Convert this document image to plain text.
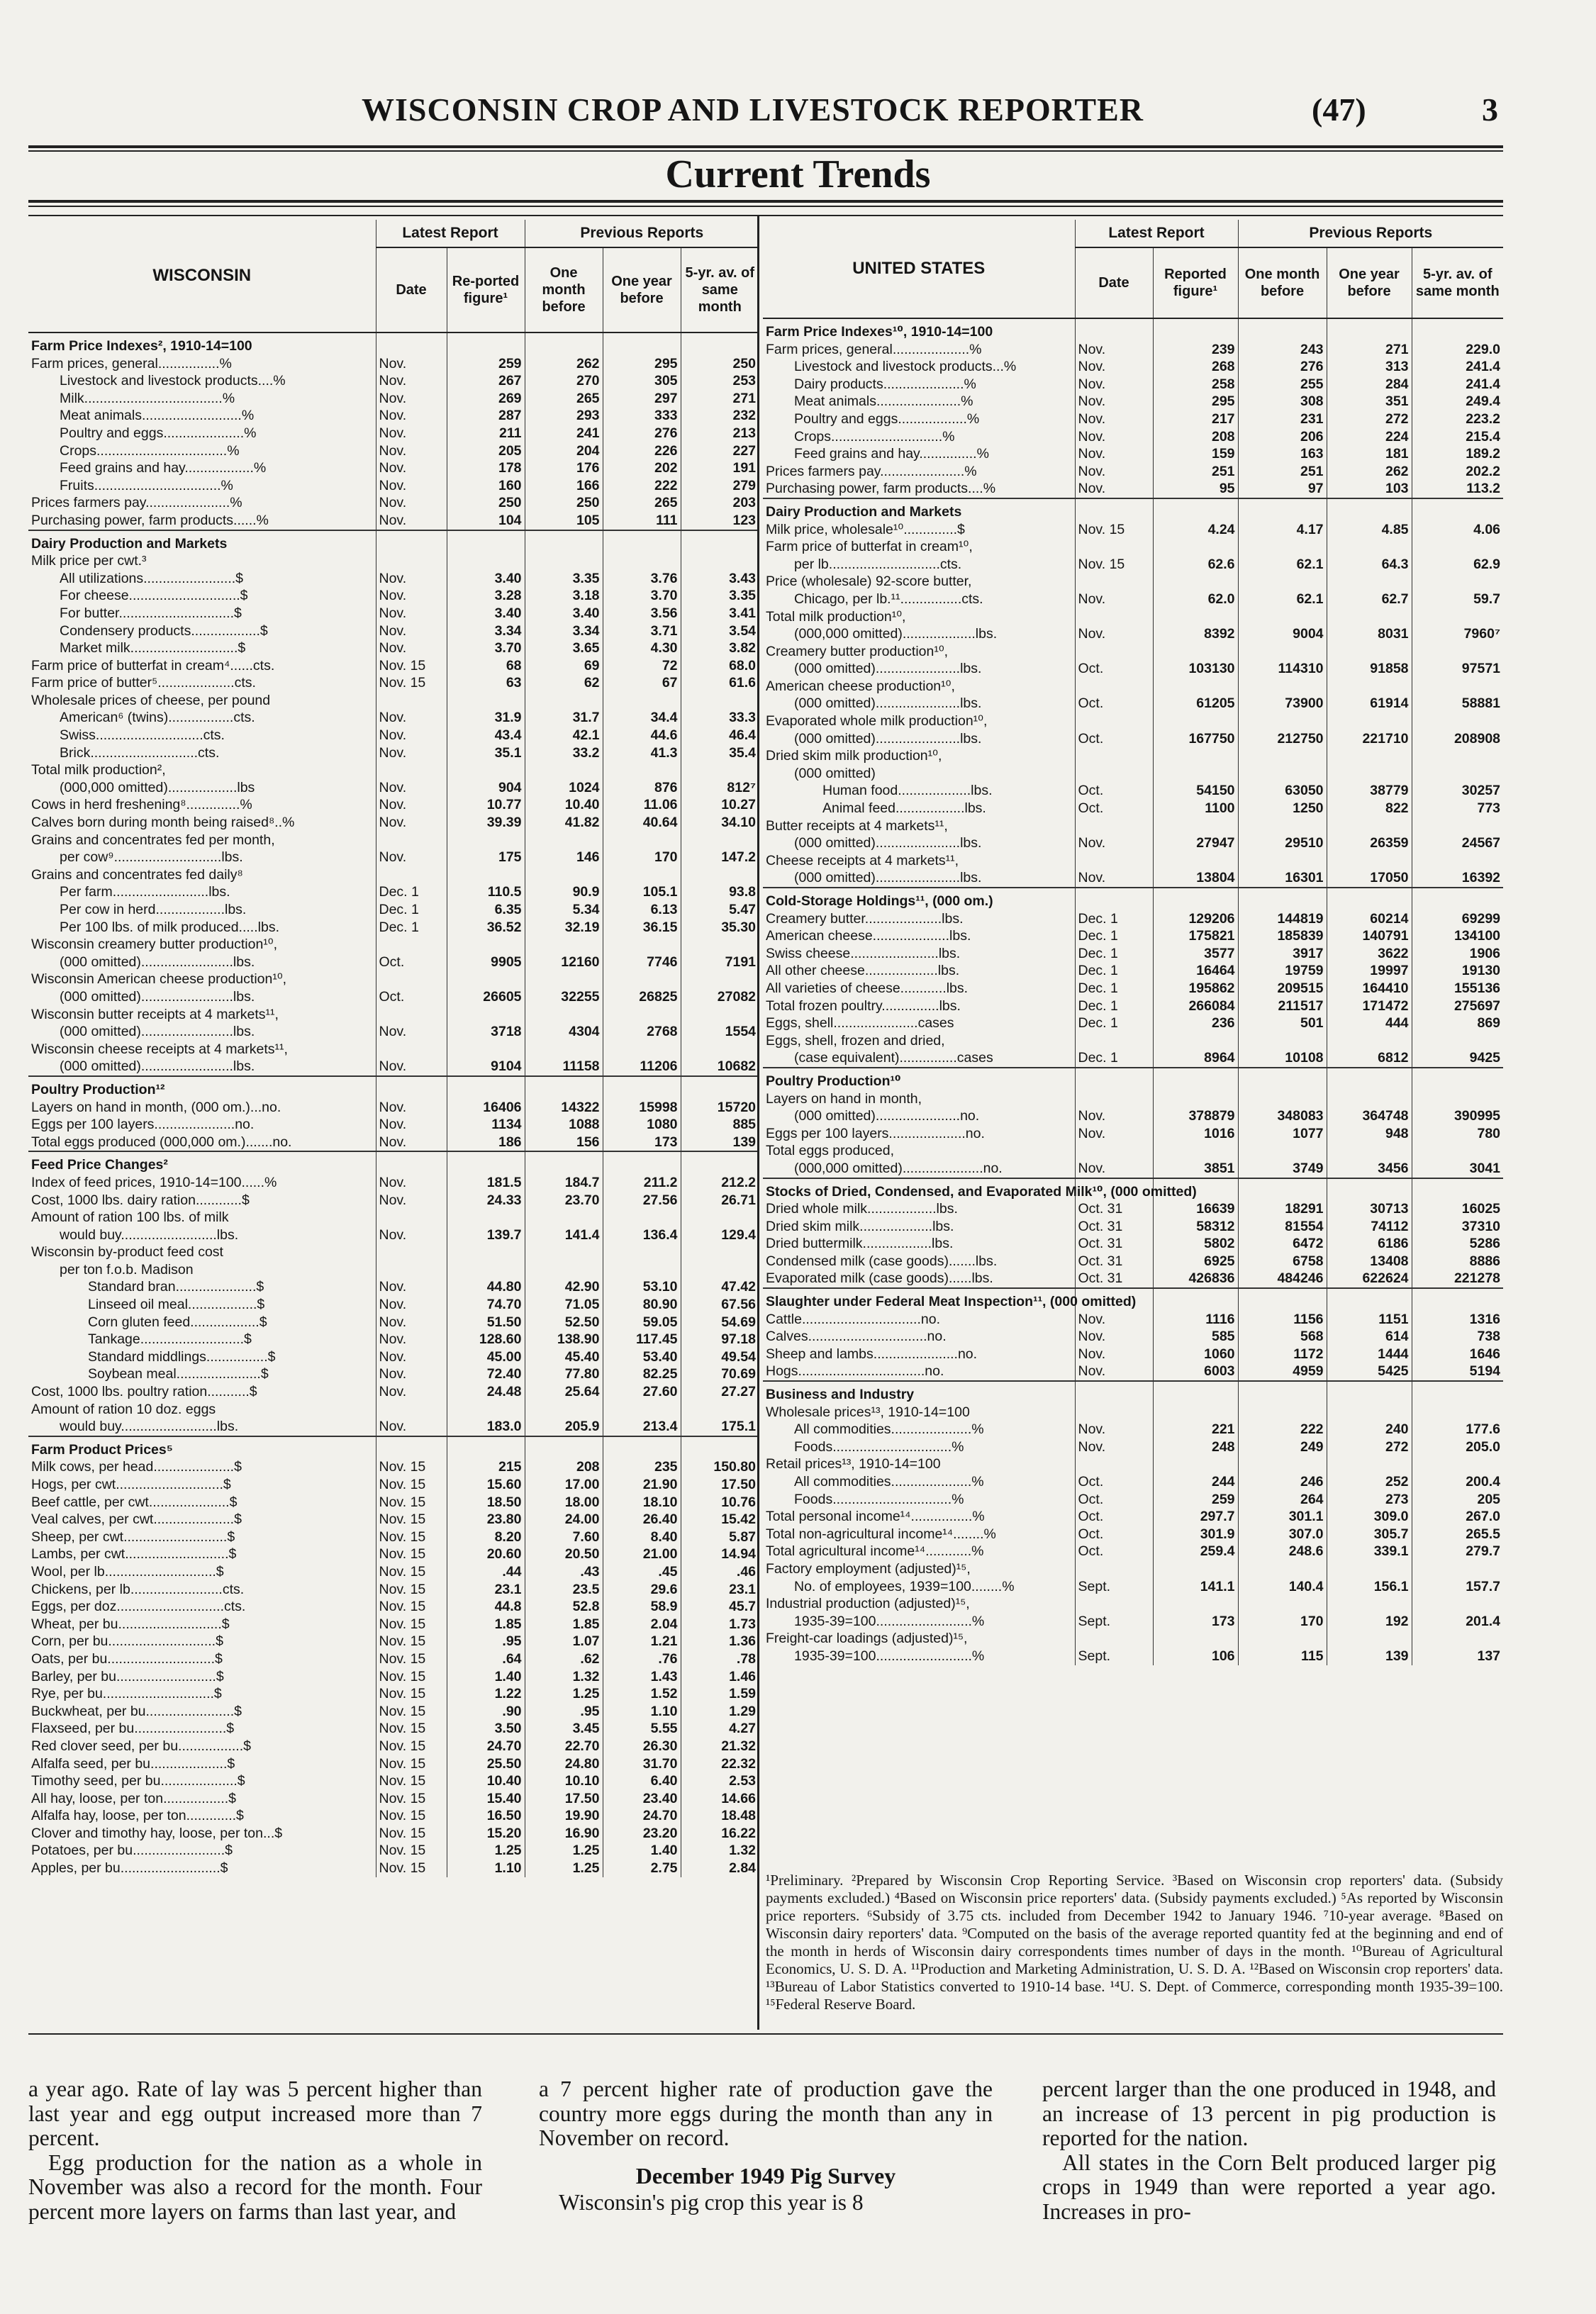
WISCONSIN CROP AND LIVESTOCK REPORTER	(47)	3
Current Trends
WISCONSIN	Latest Report		Previous Reports		
	Date	Re-ported figure¹	One month before	One year before	5-yr. av. of same month
Farm Price Indexes², 1910-14=100					
Farm prices, general................%	Nov.	259	262	295	250
Livestock and livestock products....%	Nov.	267	270	305	253
Milk....................................%	Nov.	269	265	297	271
Meat animals..........................%	Nov.	287	293	333	232
Poultry and eggs.....................%	Nov.	211	241	276	213
Crops..................................%	Nov.	205	204	226	227
Feed grains and hay..................%	Nov.	178	176	202	191
Fruits.................................%	Nov.	160	166	222	279
Prices farmers pay......................%	Nov.	250	250	265	203
Purchasing power, farm products......%	Nov.	104	105	111	123
Dairy Production and Markets					
Milk price per cwt.³					
All utilizations........................$	Nov.	3.40	3.35	3.76	3.43
For cheese.............................$	Nov.	3.28	3.18	3.70	3.35
For butter..............................$	Nov.	3.40	3.40	3.56	3.41
Condensery products..................$	Nov.	3.34	3.34	3.71	3.54
Market milk............................$	Nov.	3.70	3.65	4.30	3.82
Farm price of butterfat in cream⁴......cts.	Nov. 15	68	69	72	68.0
Farm price of butter⁵....................cts.	Nov. 15	63	62	67	61.6
Wholesale prices of cheese, per pound					
American⁶ (twins).................cts.	Nov.	31.9	31.7	34.4	33.3
Swiss............................cts.	Nov.	43.4	42.1	44.6	46.4
Brick............................cts.	Nov.	35.1	33.2	41.3	35.4
Total milk production²,					
(000,000 omitted)..................lbs	Nov.	904	1024	876	812⁷
Cows in herd freshening⁸..............%	Nov.	10.77	10.40	11.06	10.27
Calves born during month being raised⁸..%	Nov.	39.39	41.82	40.64	34.10
Grains and concentrates fed per month,					
per cow⁹............................lbs.	Nov.	175	146	170	147.2
Grains and concentrates fed daily⁸					
Per farm.........................lbs.	Dec. 1	110.5	90.9	105.1	93.8
Per cow in herd..................lbs.	Dec. 1	6.35	5.34	6.13	5.47
Per 100 lbs. of milk produced.....lbs.	Dec. 1	36.52	32.19	36.15	35.30
Wisconsin creamery butter production¹⁰,					
(000 omitted)........................lbs.	Oct.	9905	12160	7746	7191
Wisconsin American cheese production¹⁰,					
(000 omitted)........................lbs.	Oct.	26605	32255	26825	27082
Wisconsin butter receipts at 4 markets¹¹,					
(000 omitted)........................lbs.	Nov.	3718	4304	2768	1554
Wisconsin cheese receipts at 4 markets¹¹,					
(000 omitted)........................lbs.	Nov.	9104	11158	11206	10682
Poultry Production¹²					
Layers on hand in month, (000 om.)...no.	Nov.	16406	14322	15998	15720
Eggs per 100 layers.....................no.	Nov.	1134	1088	1080	885
Total eggs produced (000,000 om.).......no.	Nov.	186	156	173	139
Feed Price Changes²					
Index of feed prices, 1910-14=100......%	Nov.	181.5	184.7	211.2	212.2
Cost, 1000 lbs. dairy ration............$	Nov.	24.33	23.70	27.56	26.71
Amount of ration 100 lbs. of milk					
would buy.........................lbs.	Nov.	139.7	141.4	136.4	129.4
Wisconsin by-product feed cost					
per ton f.o.b. Madison					
Standard bran.....................$	Nov.	44.80	42.90	53.10	47.42
Linseed oil meal..................$	Nov.	74.70	71.05	80.90	67.56
Corn gluten feed..................$	Nov.	51.50	52.50	59.05	54.69
Tankage...........................$	Nov.	128.60	138.90	117.45	97.18
Standard middlings................$	Nov.	45.00	45.40	53.40	49.54
Soybean meal......................$	Nov.	72.40	77.80	82.25	70.69
Cost, 1000 lbs. poultry ration...........$	Nov.	24.48	25.64	27.60	27.27
Amount of ration 10 doz. eggs					
would buy.........................lbs.	Nov.	183.0	205.9	213.4	175.1
Farm Product Prices⁵					
Milk cows, per head.....................$	Nov. 15	215	208	235	150.80
Hogs, per cwt............................$	Nov. 15	15.60	17.00	21.90	17.50
Beef cattle, per cwt.....................$	Nov. 15	18.50	18.00	18.10	10.76
Veal calves, per cwt.....................$	Nov. 15	23.80	24.00	26.40	15.42
Sheep, per cwt...........................$	Nov. 15	8.20	7.60	8.40	5.87
Lambs, per cwt...........................$	Nov. 15	20.60	20.50	21.00	14.94
Wool, per lb.............................$	Nov. 15	.44	.43	.45	.46
Chickens, per lb........................cts.	Nov. 15	23.1	23.5	29.6	23.1
Eggs, per doz............................cts.	Nov. 15	44.8	52.8	58.9	45.7
Wheat, per bu...........................$	Nov. 15	1.85	1.85	2.04	1.73
Corn, per bu............................$	Nov. 15	.95	1.07	1.21	1.36
Oats, per bu............................$	Nov. 15	.64	.62	.76	.78
Barley, per bu..........................$	Nov. 15	1.40	1.32	1.43	1.46
Rye, per bu.............................$	Nov. 15	1.22	1.25	1.52	1.59
Buckwheat, per bu.......................$	Nov. 15	.90	.95	1.10	1.29
Flaxseed, per bu........................$	Nov. 15	3.50	3.45	5.55	4.27
Red clover seed, per bu.................$	Nov. 15	24.70	22.70	26.30	21.32
Alfalfa seed, per bu....................$	Nov. 15	25.50	24.80	31.70	22.32
Timothy seed, per bu....................$	Nov. 15	10.40	10.10	6.40	2.53
All hay, loose, per ton.................$	Nov. 15	15.40	17.50	23.40	14.66
Alfalfa hay, loose, per ton.............$	Nov. 15	16.50	19.90	24.70	18.48
Clover and timothy hay, loose, per ton...$	Nov. 15	15.20	16.90	23.20	16.22
Potatoes, per bu........................$	Nov. 15	1.25	1.25	1.40	1.32
Apples, per bu..........................$	Nov. 15	1.10	1.25	2.75	2.84
UNITED STATES	Latest Report		Previous Reports		
	Date	Reported figure¹	One month before	One year before	5-yr. av. of same month
Farm Price Indexes¹⁰, 1910-14=100					
Farm prices, general....................%	Nov.	239	243	271	229.0
Livestock and livestock products...%	Nov.	268	276	313	241.4
Dairy products.....................%	Nov.	258	255	284	241.4
Meat animals......................%	Nov.	295	308	351	249.4
Poultry and eggs..................%	Nov.	217	231	272	223.2
Crops.............................%	Nov.	208	206	224	215.4
Feed grains and hay...............%	Nov.	159	163	181	189.2
Prices farmers pay......................%	Nov.	251	251	262	202.2
Purchasing power, farm products....%	Nov.	95	97	103	113.2
Dairy Production and Markets					
Milk price, wholesale¹⁰..............$	Nov. 15	4.24	4.17	4.85	4.06
Farm price of butterfat in cream¹⁰,					
per lb.............................cts.	Nov. 15	62.6	62.1	64.3	62.9
Price (wholesale) 92-score butter,					
Chicago, per lb.¹¹................cts.	Nov.	62.0	62.1	62.7	59.7
Total milk production¹⁰,					
(000,000 omitted)...................lbs.	Nov.	8392	9004	8031	7960⁷
Creamery butter production¹⁰,					
(000 omitted)......................lbs.	Oct.	103130	114310	91858	97571
American cheese production¹⁰,					
(000 omitted)......................lbs.	Oct.	61205	73900	61914	58881
Evaporated whole milk production¹⁰,					
(000 omitted)......................lbs.	Oct.	167750	212750	221710	208908
Dried skim milk production¹⁰,					
(000 omitted)					
Human food...................lbs.	Oct.	54150	63050	38779	30257
Animal feed..................lbs.	Oct.	1100	1250	822	773
Butter receipts at 4 markets¹¹,					
(000 omitted)......................lbs.	Nov.	27947	29510	26359	24567
Cheese receipts at 4 markets¹¹,					
(000 omitted)......................lbs.	Nov.	13804	16301	17050	16392
Cold-Storage Holdings¹¹, (000 om.)					
Creamery butter....................lbs.	Dec. 1	129206	144819	60214	69299
American cheese....................lbs.	Dec. 1	175821	185839	140791	134100
Swiss cheese.......................lbs.	Dec. 1	3577	3917	3622	1906
All other cheese...................lbs.	Dec. 1	16464	19759	19997	19130
All varieties of cheese............lbs.	Dec. 1	195862	209515	164410	155136
Total frozen poultry...............lbs.	Dec. 1	266084	211517	171472	275697
Eggs, shell......................cases	Dec. 1	236	501	444	869
Eggs, shell, frozen and dried,					
(case equivalent)...............cases	Dec. 1	8964	10108	6812	9425
Poultry Production¹⁰					
Layers on hand in month,					
(000 omitted)......................no.	Nov.	378879	348083	364748	390995
Eggs per 100 layers....................no.	Nov.	1016	1077	948	780
Total eggs produced,					
(000,000 omitted).....................no.	Nov.	3851	3749	3456	3041
Stocks of Dried, Condensed, and Evaporated Milk¹⁰, (000 omitted)					
Dried whole milk..................lbs.	Oct. 31	16639	18291	30713	16025
Dried skim milk...................lbs.	Oct. 31	58312	81554	74112	37310
Dried buttermilk..................lbs.	Oct. 31	5802	6472	6186	5286
Condensed milk (case goods).......lbs.	Oct. 31	6925	6758	13408	8886
Evaporated milk (case goods)......lbs.	Oct. 31	426836	484246	622624	221278
Slaughter under Federal Meat Inspection¹¹, (000 omitted)					
Cattle...............................no.	Nov.	1116	1156	1151	1316
Calves...............................no.	Nov.	585	568	614	738
Sheep and lambs......................no.	Nov.	1060	1172	1444	1646
Hogs.................................no.	Nov.	6003	4959	5425	5194
Business and Industry					
Wholesale prices¹³, 1910-14=100					
All commodities.....................%	Nov.	221	222	240	177.6
Foods...............................%	Nov.	248	249	272	205.0
Retail prices¹³, 1910-14=100					
All commodities.....................%	Oct.	244	246	252	200.4
Foods...............................%	Oct.	259	264	273	205
Total personal income¹⁴................%	Oct.	297.7	301.1	309.0	267.0
Total non-agricultural income¹⁴........%	Oct.	301.9	307.0	305.7	265.5
Total agricultural income¹⁴............%	Oct.	259.4	248.6	339.1	279.7
Factory employment (adjusted)¹⁵,					
No. of employees, 1939=100........%	Sept.	141.1	140.4	156.1	157.7
Industrial production (adjusted)¹⁵,					
1935-39=100.........................%	Sept.	173	170	192	201.4
Freight-car loadings (adjusted)¹⁵,					
1935-39=100.........................%	Sept.	106	115	139	137
¹Preliminary. ²Prepared by Wisconsin Crop Reporting Service. ³Based on Wisconsin crop reporters' data. (Subsidy payments excluded.) ⁴Based on Wisconsin price reporters' data. (Subsidy payments excluded.) ⁵As reported by Wisconsin price reporters. ⁶Subsidy of 3.75 cts. included from December 1942 to January 1946. ⁷10-year average. ⁸Based on Wisconsin dairy reporters' data. ⁹Computed on the basis of the average reported quantity fed at the beginning and end of the month in herds of Wisconsin dairy correspondents times number of days in the month. ¹⁰Bureau of Agricultural Economics, U. S. D. A. ¹¹Production and Marketing Administration, U. S. D. A. ¹²Based on Wisconsin crop reporters' data. ¹³Bureau of Labor Statistics converted to 1910-14 base. ¹⁴U. S. Dept. of Commerce, corresponding month 1935-39=100. ¹⁵Federal Reserve Board.

a year ago. Rate of lay was 5 percent higher than last year and egg output increased more than 7 percent.

Egg production for the nation as a whole in November was also a record for the month. Four percent more layers on farms than last year, and

a 7 percent higher rate of production gave the country more eggs during the month than any in November on record.

December 1949 Pig Survey

Wisconsin's pig crop this year is 8

percent larger than the one produced in 1948, and an increase of 13 percent in pig production is reported for the nation.

All states in the Corn Belt produced larger pig crops in 1949 than were reported a year ago. Increases in pro-
